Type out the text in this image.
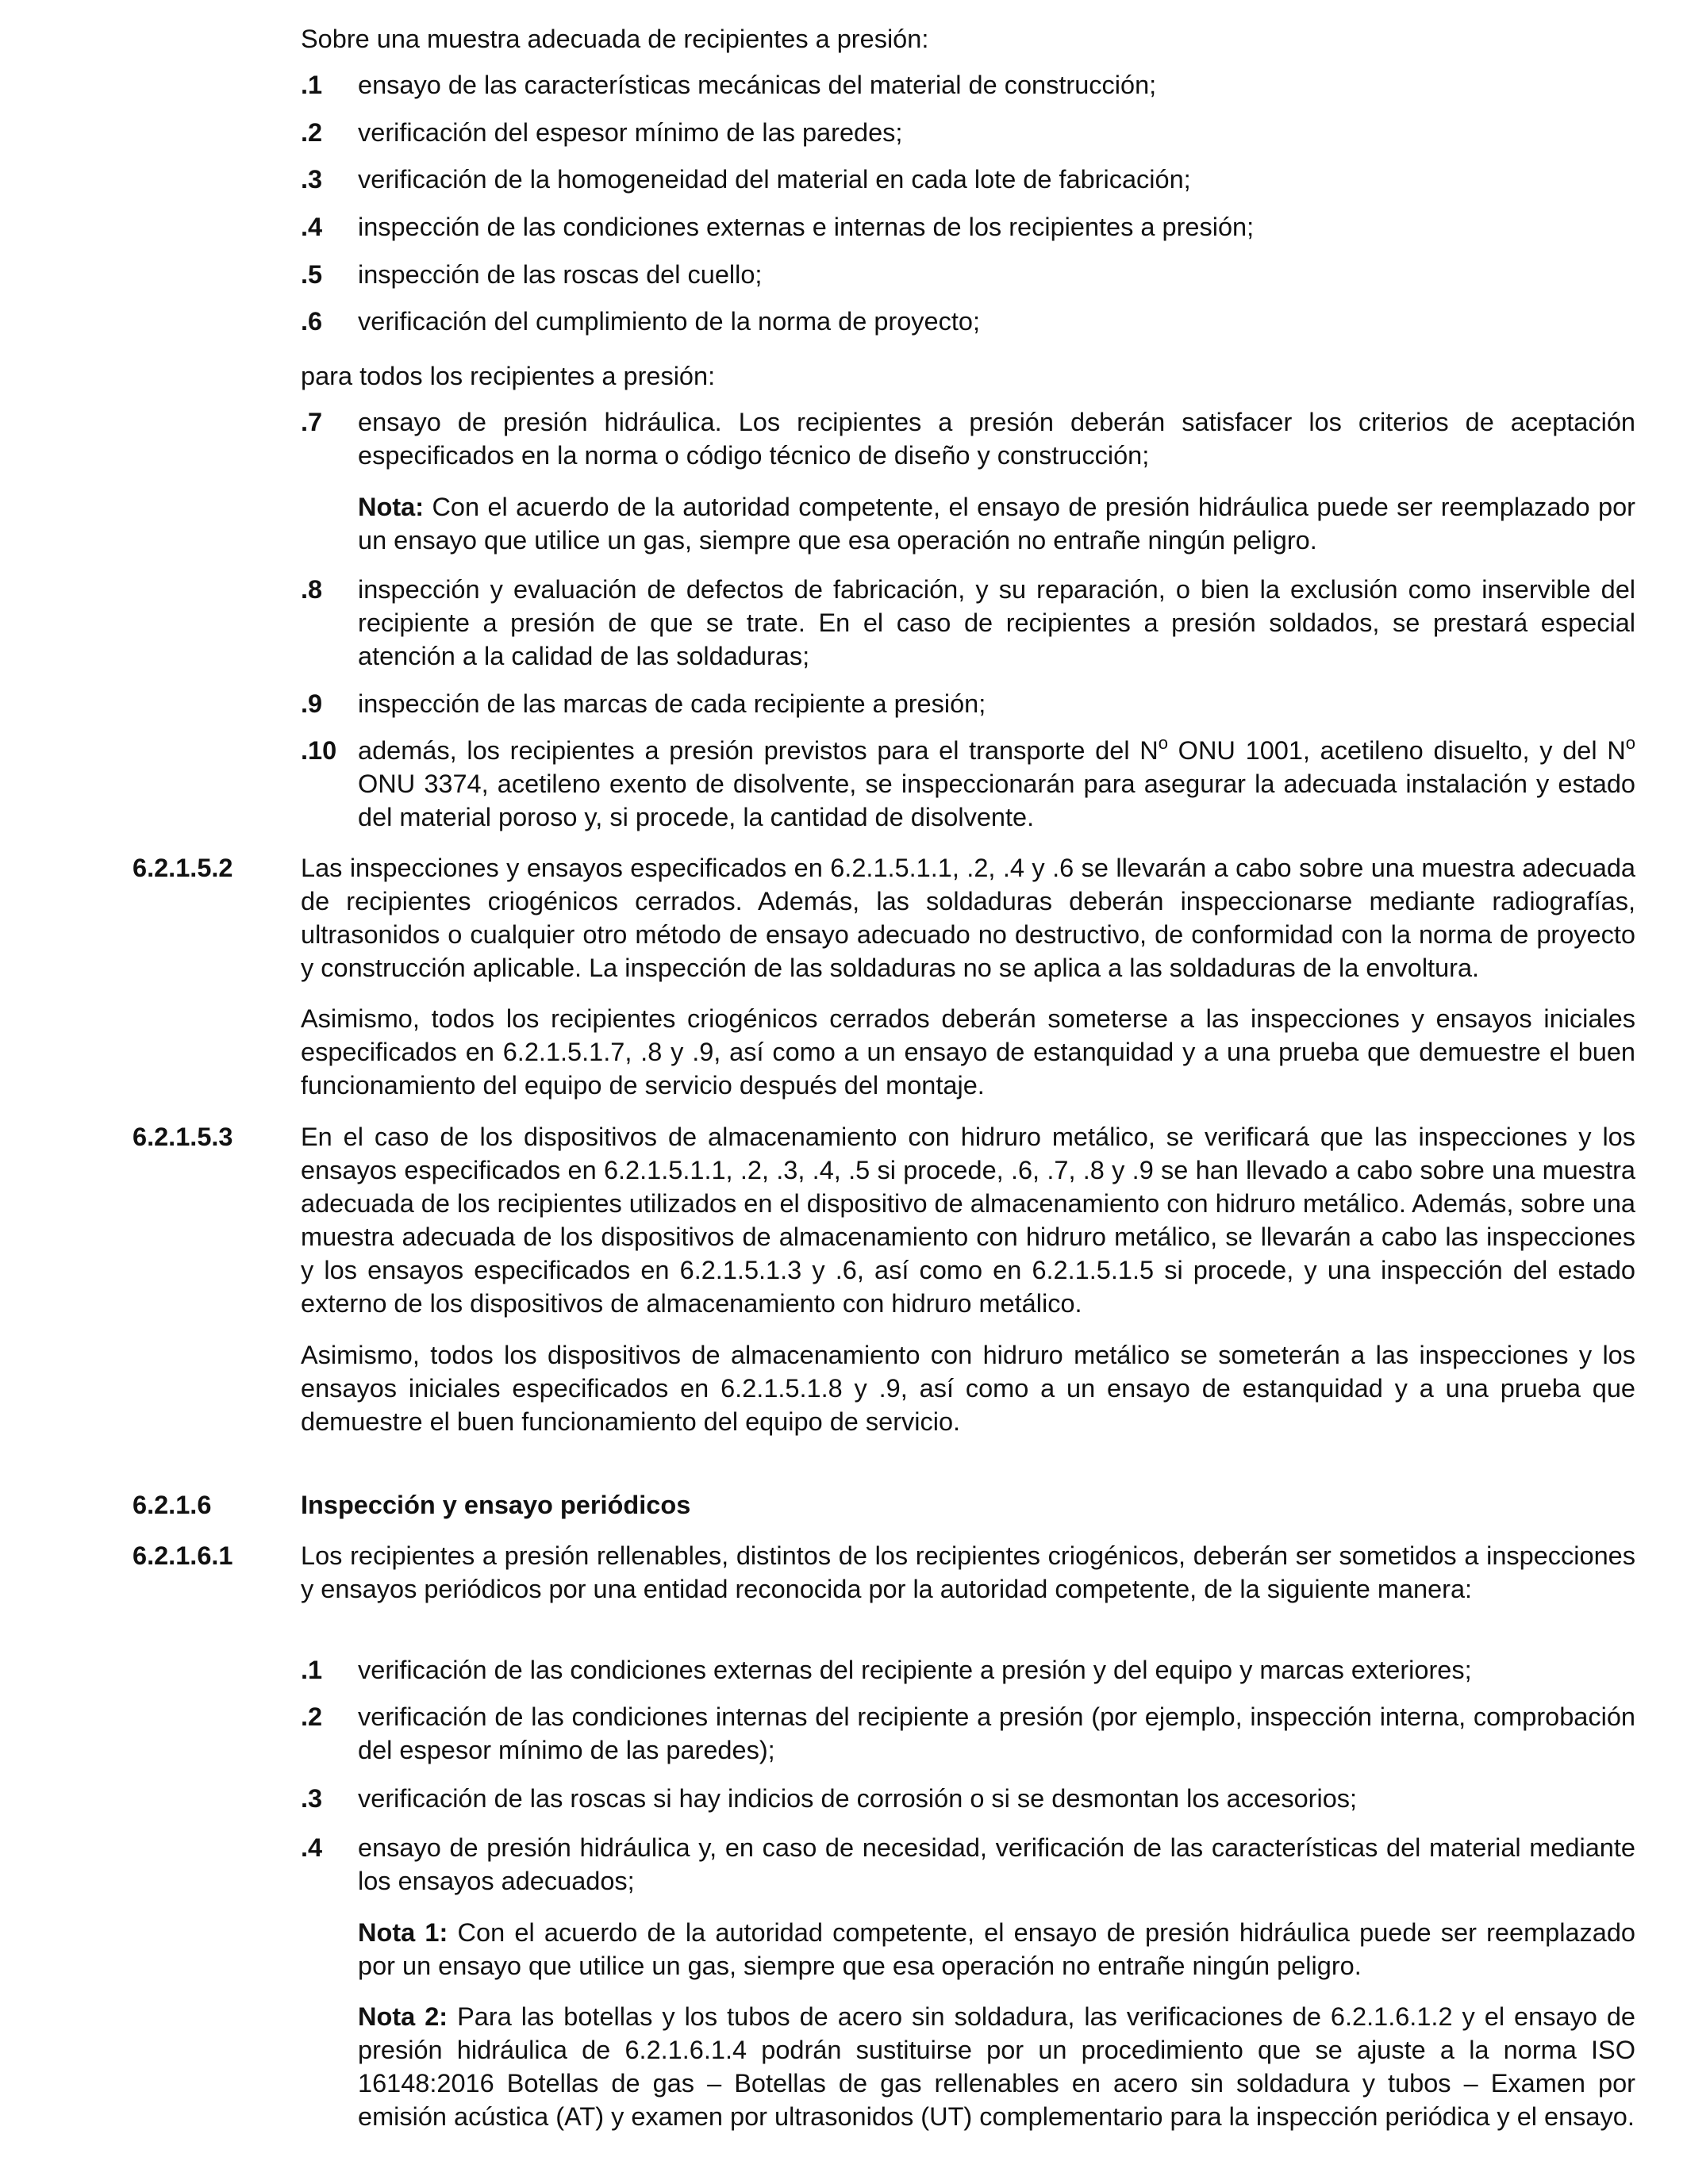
Sobre una muestra adecuada de recipientes a presión:

.1 ensayo de las características mecánicas del material de construcción;

.2 verificación del espesor mínimo de las paredes;

.3 verificación de la homogeneidad del material en cada lote de fabricación;

.4 inspección de las condiciones externas e internas de los recipientes a presión;

.5 inspección de las roscas del cuello;

.6 verificación del cumplimiento de la norma de proyecto;

para todos los recipientes a presión:

.7 ensayo de presión hidráulica. Los recipientes a presión deberán satisfacer los criterios de aceptación especificados en la norma o código técnico de diseño y construcción;

Nota: Con el acuerdo de la autoridad competente, el ensayo de presión hidráulica puede ser reemplazado por un ensayo que utilice un gas, siempre que esa operación no entrañe ningún peligro.

.8 inspección y evaluación de defectos de fabricación, y su reparación, o bien la exclusión como inservible del recipiente a presión de que se trate. En el caso de recipientes a presión soldados, se prestará especial atención a la calidad de las soldaduras;

.9 inspección de las marcas de cada recipiente a presión;

.10 además, los recipientes a presión previstos para el transporte del $N^o$ ONU 1001, acetileno disuelto, y del $N^o$ ONU 3374, acetileno exento de disolvente, se inspeccionarán para asegurar la adecuada instalación y estado del material poroso y, si procede, la cantidad de disolvente.

6.2.1.5.2	Las inspecciones y ensayos especificados en 6.2.1.5.1.1, .2, .4 y .6 se llevarán a cabo sobre una muestra adecuada de recipientes criogénicos cerrados. Además, las soldaduras deberán inspeccionarse mediante radiografías, ultrasonidos o cualquier otro método de ensayo adecuado no destructivo, de conformidad con la norma de proyecto y construcción aplicable. La inspección de las soldaduras no se aplica a las soldaduras de la envoltura.

Asimismo, todos los recipientes criogénicos cerrados deberán someterse a las inspecciones y ensayos iniciales especificados en 6.2.1.5.1.7, .8 y .9, así como a un ensayo de estanquidad y a una prueba que demuestre el buen funcionamiento del equipo de servicio después del montaje.

6.2.1.5.3	En el caso de los dispositivos de almacenamiento con hidruro metálico, se verificará que las inspecciones y los ensayos especificados en 6.2.1.5.1.1, .2, .3, .4, .5 si procede, .6, .7, .8 y .9 se han llevado a cabo sobre una muestra adecuada de los recipientes utilizados en el dispositivo de almacenamiento con hidruro metálico. Además, sobre una muestra adecuada de los dispositivos de almacenamiento con hidruro metálico, se llevarán a cabo las inspecciones y los ensayos especificados en 6.2.1.5.1.3 y .6, así como en 6.2.1.5.1.5 si procede, y una inspección del estado externo de los dispositivos de almacenamiento con hidruro metálico.

Asimismo, todos los dispositivos de almacenamiento con hidruro metálico se someterán a las inspecciones y los ensayos iniciales especificados en 6.2.1.5.1.8 y .9, así como a un ensayo de estanquidad y a una prueba que demuestre el buen funcionamiento del equipo de servicio.

6.2.1.6	Inspección y ensayo periódicos
6.2.1.6.1	Los recipientes a presión rellenables, distintos de los recipientes criogénicos, deberán ser sometidos a inspecciones y ensayos periódicos por una entidad reconocida por la autoridad competente, de la siguiente manera:

.1 verificación de las condiciones externas del recipiente a presión y del equipo y marcas exteriores;

.2 verificación de las condiciones internas del recipiente a presión (por ejemplo, inspección interna, comprobación del espesor mínimo de las paredes);

.3 verificación de las roscas si hay indicios de corrosión o si se desmontan los accesorios;

.4 ensayo de presión hidráulica y, en caso de necesidad, verificación de las características del material mediante los ensayos adecuados;

Nota 1: Con el acuerdo de la autoridad competente, el ensayo de presión hidráulica puede ser reemplazado por un ensayo que utilice un gas, siempre que esa operación no entrañe ningún peligro.

Nota 2: Para las botellas y los tubos de acero sin soldadura, las verificaciones de 6.2.1.6.1.2 y el ensayo de presión hidráulica de 6.2.1.6.1.4 podrán sustituirse por un procedimiento que se ajuste a la norma ISO 16148:2016 Botellas de gas – Botellas de gas rellenables en acero sin soldadura y tubos – Examen por emisión acústica (AT) y examen por ultrasonidos (UT) complementario para la inspección periódica y el ensayo.
